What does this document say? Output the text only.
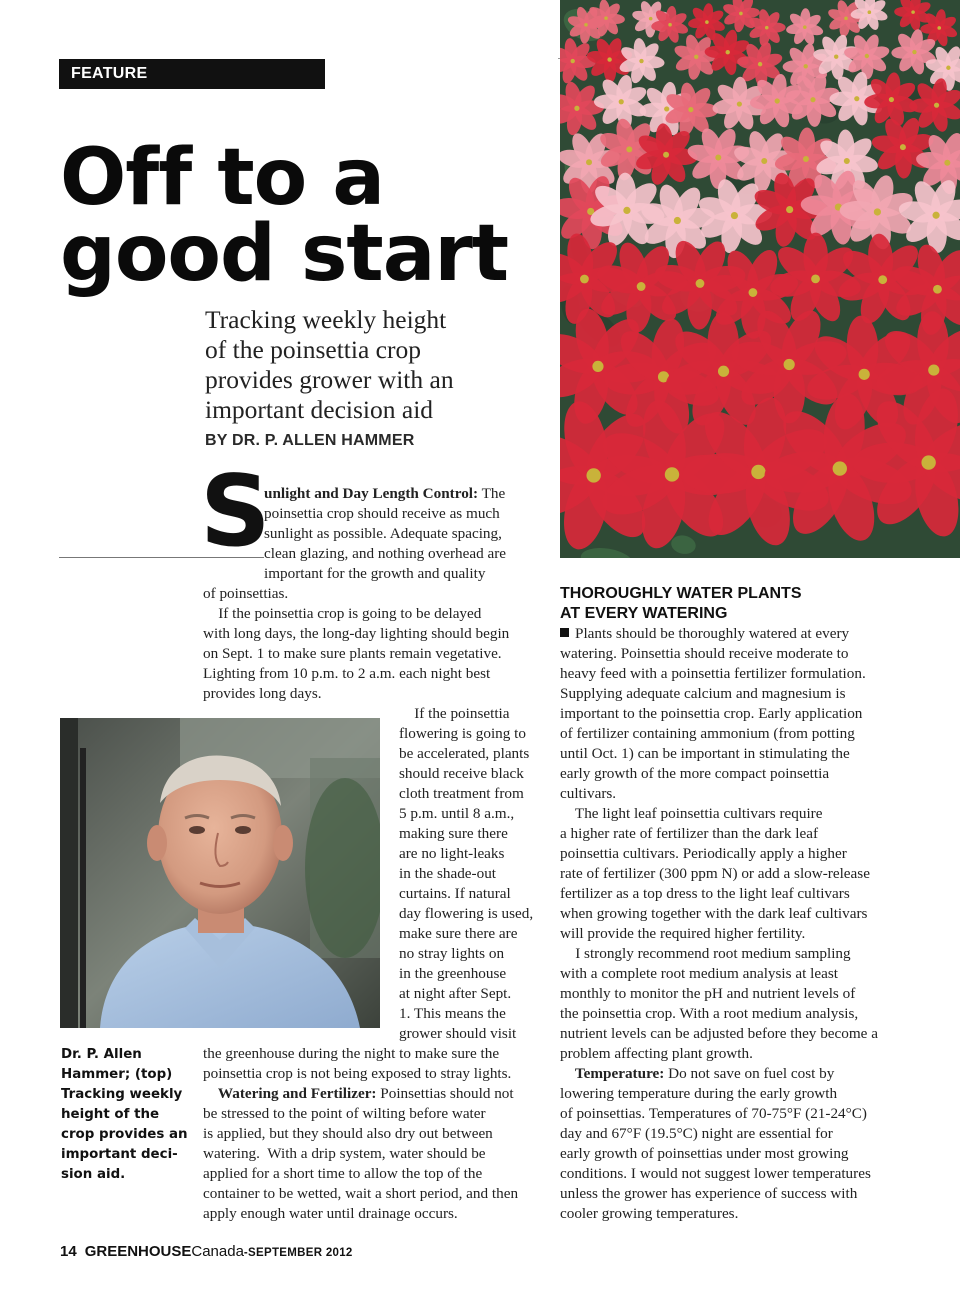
FEATURE
Off to a
good start

Tracking weekly height
of the poinsettia crop
provides grower with an
important decision aid

BY DR. P. ALLEN HAMMER
S
unlight and Day Length Control: The
poinsettia crop should receive as much
sunlight as possible. Adequate spacing,
clean glazing, and nothing overhead are
important for the growth and quality
of poinsettias.
If the poinsettia crop is going to be delayed
with long days, the long-day lighting should begin
on Sept. 1 to make sure plants remain vegetative.
Lighting from 10 p.m. to 2 a.m. each night best
provides long days.
If the poinsettia
flowering is going to
be accelerated, plants
should receive black
cloth treatment from
5 p.m. until 8 a.m.,
making sure there
are no light-leaks
in the shade-out
curtains. If natural
day flowering is used,
make sure there are
no stray lights on
in the greenhouse
at night after Sept.
1. This means the
grower should visit
the greenhouse during the night to make sure the
poinsettia crop is not being exposed to stray lights.
Watering and Fertilizer: Poinsettias should not
be stressed to the point of wilting before water
is applied, but they should also dry out between
watering.  With a drip system, water should be
applied for a short time to allow the top of the
container to be wetted, wait a short period, and then
apply enough water until drainage occurs.
Dr. P. Allen
Hammer; (top)
Tracking weekly
height of the
crop provides an
important deci-
sion aid.
THOROUGHLY WATER PLANTS
AT EVERY WATERING
Plants should be thoroughly watered at every
watering. Poinsettia should receive moderate to
heavy feed with a poinsettia fertilizer formulation.
Supplying adequate calcium and magnesium is
important to the poinsettia crop. Early application
of fertilizer containing ammonium (from potting
until Oct. 1) can be important in stimulating the
early growth of the more compact poinsettia
cultivars.
The light leaf poinsettia cultivars require
a higher rate of fertilizer than the dark leaf
poinsettia cultivars. Periodically apply a higher
rate of fertilizer (300 ppm N) or add a slow-release
fertilizer as a top dress to the light leaf cultivars
when growing together with the dark leaf cultivars
will provide the required higher fertility.
I strongly recommend root medium sampling
with a complete root medium analysis at least
monthly to monitor the pH and nutrient levels of
the poinsettia crop. With a root medium analysis,
nutrient levels can be adjusted before they become a
problem affecting plant growth.
Temperature: Do not save on fuel cost by
lowering temperature during the early growth
of poinsettias. Temperatures of 70-75°F (21-24°C)
day and 67°F (19.5°C) night are essential for
early growth of poinsettias under most growing
conditions. I would not suggest lower temperatures
unless the grower has experience of success with
cooler growing temperatures.
14 GREENHOUSECanada-SEPTEMBER 2012
